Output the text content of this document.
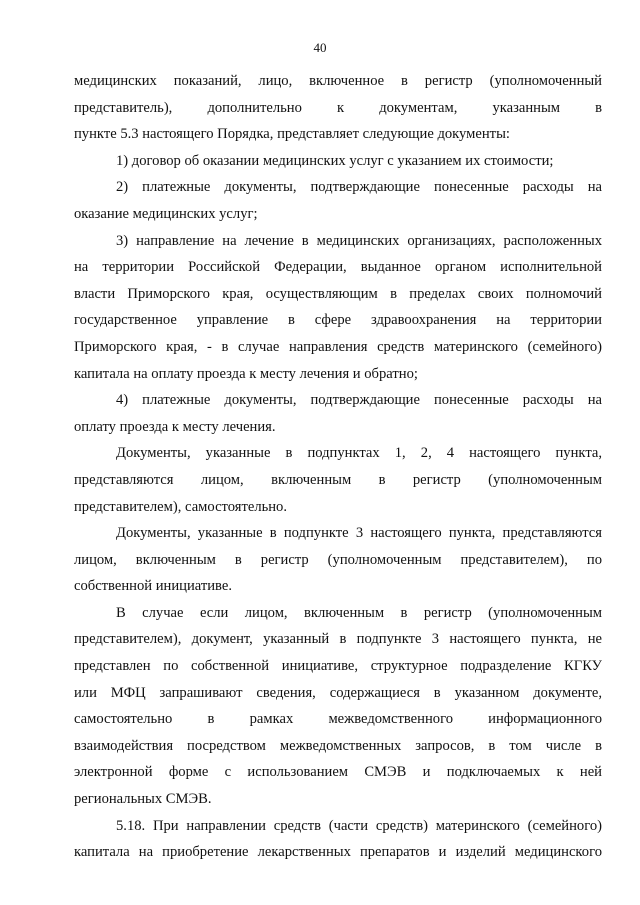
40
медицинских показаний, лицо, включенное в регистр (уполномоченный
представитель), дополнительно к документам, указанным в
пункте 5.3 настоящего Порядка, представляет следующие документы:
1) договор об оказании медицинских услуг с указанием их стоимости;
2) платежные документы, подтверждающие понесенные расходы на
оказание медицинских услуг;
3) направление на лечение в медицинских организациях, расположенных
на территории Российской Федерации, выданное органом исполнительной
власти Приморского края, осуществляющим в пределах своих полномочий
государственное управление в сфере здравоохранения на территории
Приморского края, - в случае направления средств материнского (семейного)
капитала на оплату проезда к месту лечения и обратно;
4) платежные документы, подтверждающие понесенные расходы на
оплату проезда к месту лечения.
Документы, указанные в подпунктах 1, 2, 4 настоящего пункта,
представляются лицом, включенным в регистр (уполномоченным
представителем), самостоятельно.
Документы, указанные в подпункте 3 настоящего пункта, представляются
лицом, включенным в регистр (уполномоченным представителем), по
собственной инициативе.
В случае если лицом, включенным в регистр (уполномоченным
представителем), документ, указанный в подпункте 3 настоящего пункта, не
представлен по собственной инициативе, структурное подразделение КГКУ
или МФЦ запрашивают сведения, содержащиеся в указанном документе,
самостоятельно в рамках межведомственного информационного
взаимодействия посредством межведомственных запросов, в том числе в
электронной форме с использованием СМЭВ и подключаемых к ней
региональных СМЭВ.
5.18. При направлении средств (части средств) материнского (семейного)
капитала на приобретение лекарственных препаратов и изделий медицинского
